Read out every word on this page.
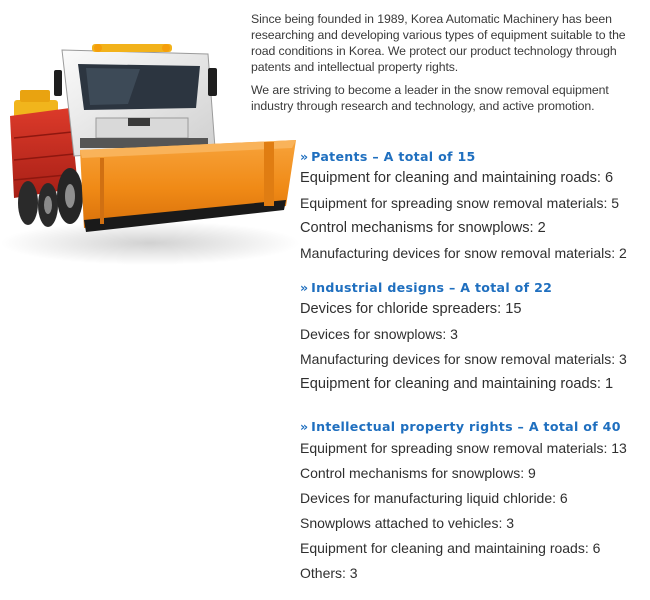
Since being founded in 1989, Korea Automatic Machinery has been researching and developing various types of equipment suitable to the road conditions in Korea. We protect our product technology through patents and intellectual property rights.

We are striving to become a leader in the snow removal equipment industry through research and technology, and active promotion.

» Patents – A total of 15
Equipment for cleaning and maintaining roads: 6
Equipment for spreading snow removal materials: 5
Control mechanisms for snowplows: 2
Manufacturing devices for snow removal materials: 2
» Industrial designs – A total of 22
Devices for chloride spreaders: 15
Devices for snowplows: 3
Manufacturing devices for snow removal materials: 3
Equipment for cleaning and maintaining roads: 1
» Intellectual property rights – A total of 40
Equipment for spreading snow removal materials: 13
Control mechanisms for snowplows: 9
Devices for manufacturing liquid chloride: 6
Snowplows attached to vehicles: 3
Equipment for cleaning and maintaining roads: 6
Others: 3
